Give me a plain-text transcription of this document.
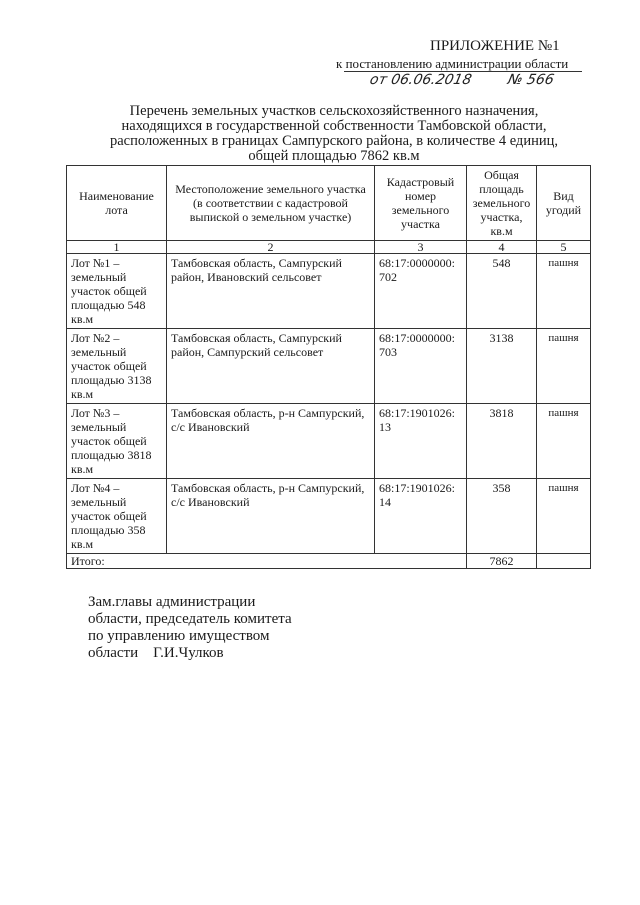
ПРИЛОЖЕНИЕ №1
к постановлению администрации области
от 06.06.2018 № 566
Перечень земельных участков сельскохозяйственного назначения,
находящихся в государственной собственности Тамбовской области,
расположенных в границах Сампурского района, в количестве 4 единиц,
общей площадью 7862 кв.м
Наименование лота	Местоположение земельного участка (в соответствии с кадастровой выпиской о земельном участке)	Кадастровый номер земельного участка	Общая площадь земельного участка, кв.м	Вид угодий
1	2	3	4	5
Лот №1 – земельный участок общей площадью 548 кв.м	Тамбовская область, Сампурский район, Ивановский сельсовет	68:17:0000000: 702	548	пашня
Лот №2 – земельный участок общей площадью 3138 кв.м	Тамбовская область, Сампурский район, Сампурский сельсовет	68:17:0000000: 703	3138	пашня
Лот №3 – земельный участок общей площадью 3818 кв.м	Тамбовская область, р-н Сампурский, с/с Ивановский	68:17:1901026: 13	3818	пашня
Лот №4 – земельный участок общей площадью 358 кв.м	Тамбовская область, р-н Сампурский, с/с Ивановский	68:17:1901026: 14	358	пашня
Итого:			7862	
Зам.главы администрации
области, председатель комитета
по управлению имуществом
области    Г.И.Чулков
